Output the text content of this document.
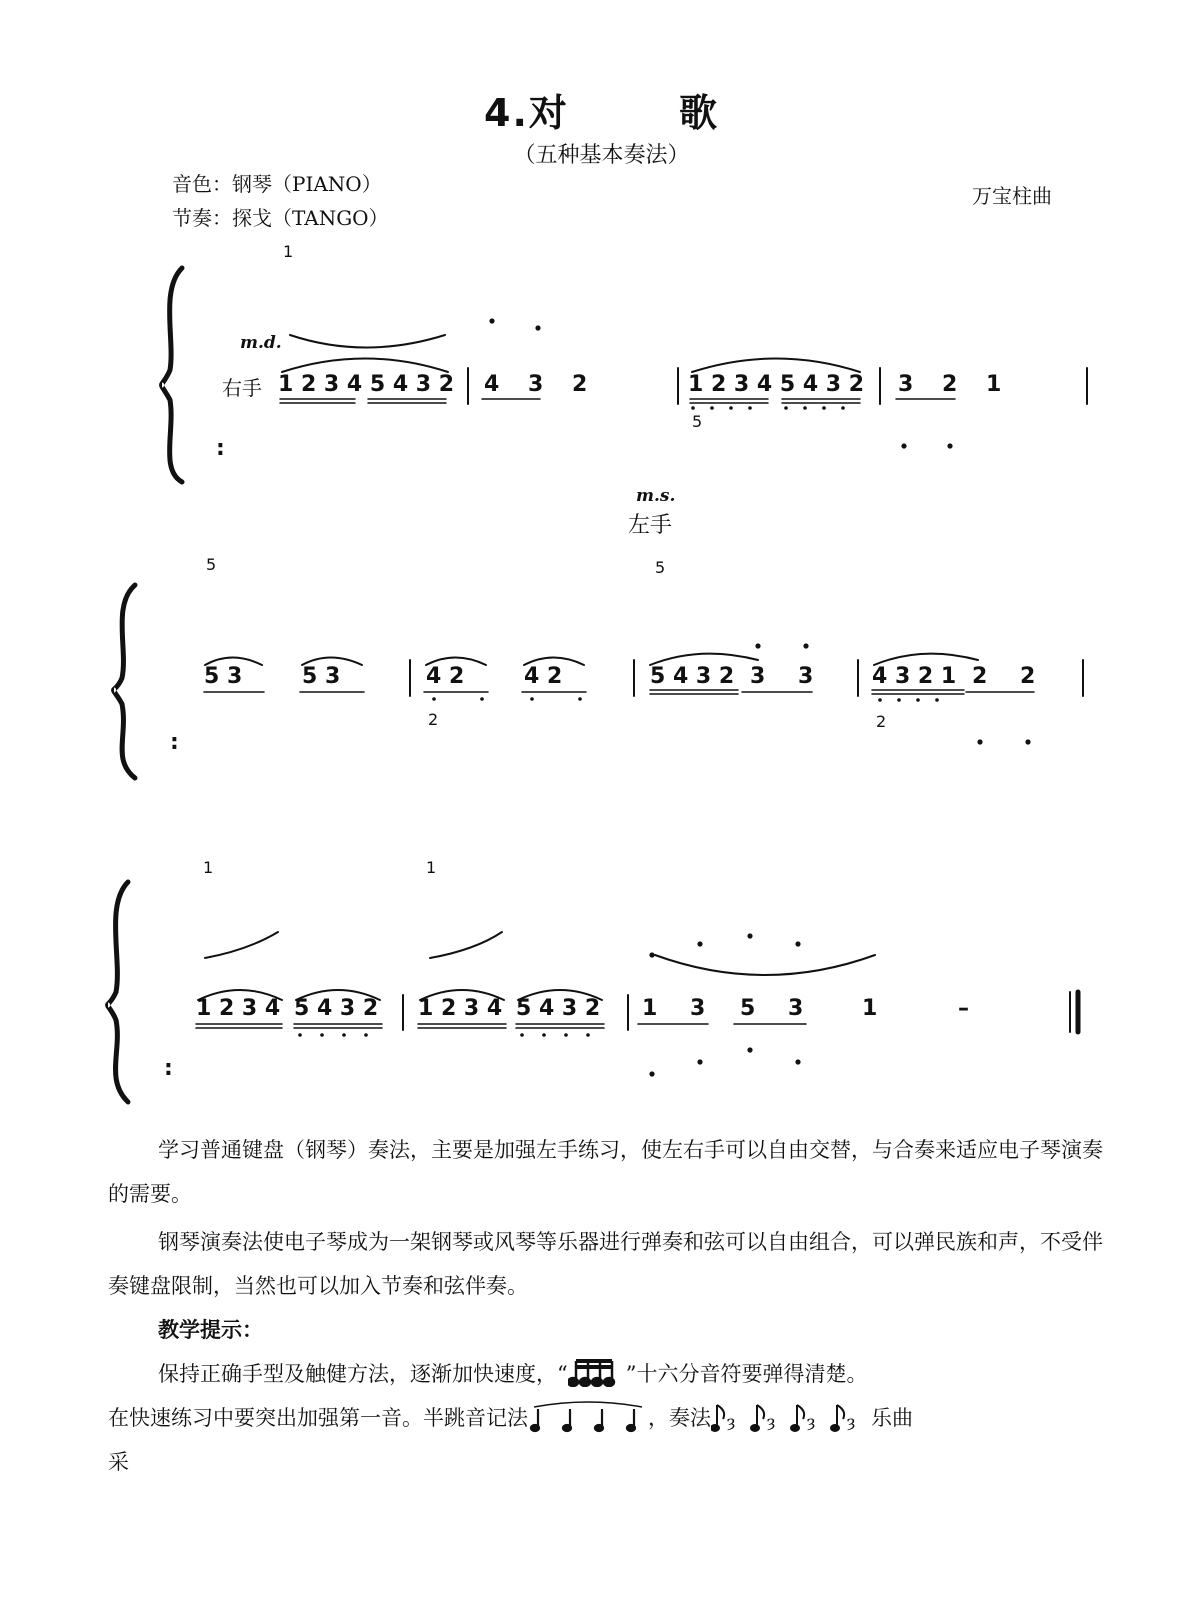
4.对	歌
（五种基本奏法）
音色：钢琴（PIANO）
节奏：探戈（TANGO）
万宝柱曲
1
m.d.
右手 1 2 3 4 5 4 3 2 4 3 2	1 2 3 4 5 4 3 2
5
3 2 1
:
m.s.
左手
5	5
5 3	5 3	4 2	4 2
2
5 4 3 2 3 3	4 3 2 1 2 2
2
:
1	1
1 2 3 4 5 4 3 2 1 2 3 4 5 4 3 2 1 3 5 3	1	–
:

学习普通键盘（钢琴）奏法，主要是加强左手练习，使左右手可以自由交替，与合奏来适应电子琴演奏的需要。

钢琴演奏法使电子琴成为一架钢琴或风琴等乐器进行弹奏和弦可以自由组合，可以弹民族和声，不受伴奏键盘限制，当然也可以加入节奏和弦伴奏。

教学提示：

保持正确手型及触健方法，逐渐加快速度，“	”十六分音符要弹得清楚。

在快速练习中要突出加强第一音。半跳音记法	，奏法 ȝ ȝ ȝ ȝ 乐曲

采
